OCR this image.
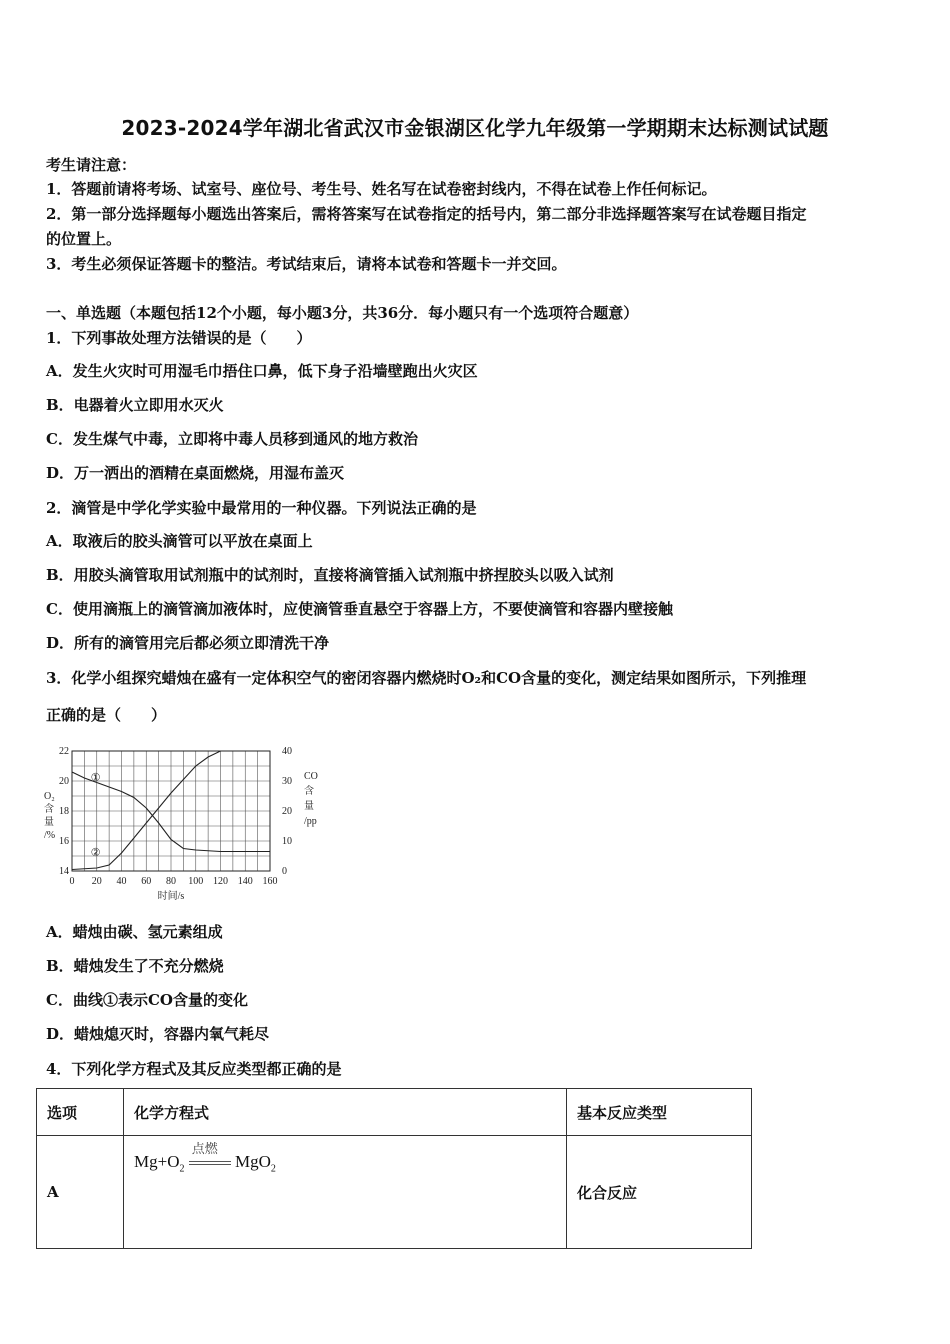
2023-2024学年湖北省武汉市金银湖区化学九年级第一学期期末达标测试试题
考生请注意：
1．答题前请将考场、试室号、座位号、考生号、姓名写在试卷密封线内，不得在试卷上作任何标记。
2．第一部分选择题每小题选出答案后，需将答案写在试卷指定的括号内，第二部分非选择题答案写在试卷题目指定
的位置上。
3．考生必须保证答题卡的整洁。考试结束后，请将本试卷和答题卡一并交回。
一、单选题（本题包括12个小题，每小题3分，共36分．每小题只有一个选项符合题意）
1．下列事故处理方法错误的是（　　）
A．发生火灾时可用湿毛巾捂住口鼻，低下身子沿墙壁跑出火灾区
B．电器着火立即用水灭火
C．发生煤气中毒，立即将中毒人员移到通风的地方救治
D．万一洒出的酒精在桌面燃烧，用湿布盖灭
2．滴管是中学化学实验中最常用的一种仪器。下列说法正确的是
A．取液后的胶头滴管可以平放在桌面上
B．用胶头滴管取用试剂瓶中的试剂时，直接将滴管插入试剂瓶中挤捏胶头以吸入试剂
C．使用滴瓶上的滴管滴加液体时，应使滴管垂直悬空于容器上方，不要使滴管和容器内壁接触
D．所有的滴管用完后都必须立即清洗干净
3．化学小组探究蜡烛在盛有一定体积空气的密闭容器内燃烧时O₂和CO含量的变化，测定结果如图所示，下列推理
正确的是（　　）
0 20 40 60 80 100 120 140 160
14
16
18
20
22
0
10
20
30
40
①
②
时间/s
O₂
含
量
/%
CO
含
量
/pp
A．蜡烛由碳、氢元素组成
B．蜡烛发生了不充分燃烧
C．曲线①表示CO含量的变化
D．蜡烛熄灭时，容器内氧气耗尽
4．下列化学方程式及其反应类型都正确的是
选项	化学方程式	基本反应类型
A	$Mg+O_2$
点燃
MgO$_2$	化合反应
